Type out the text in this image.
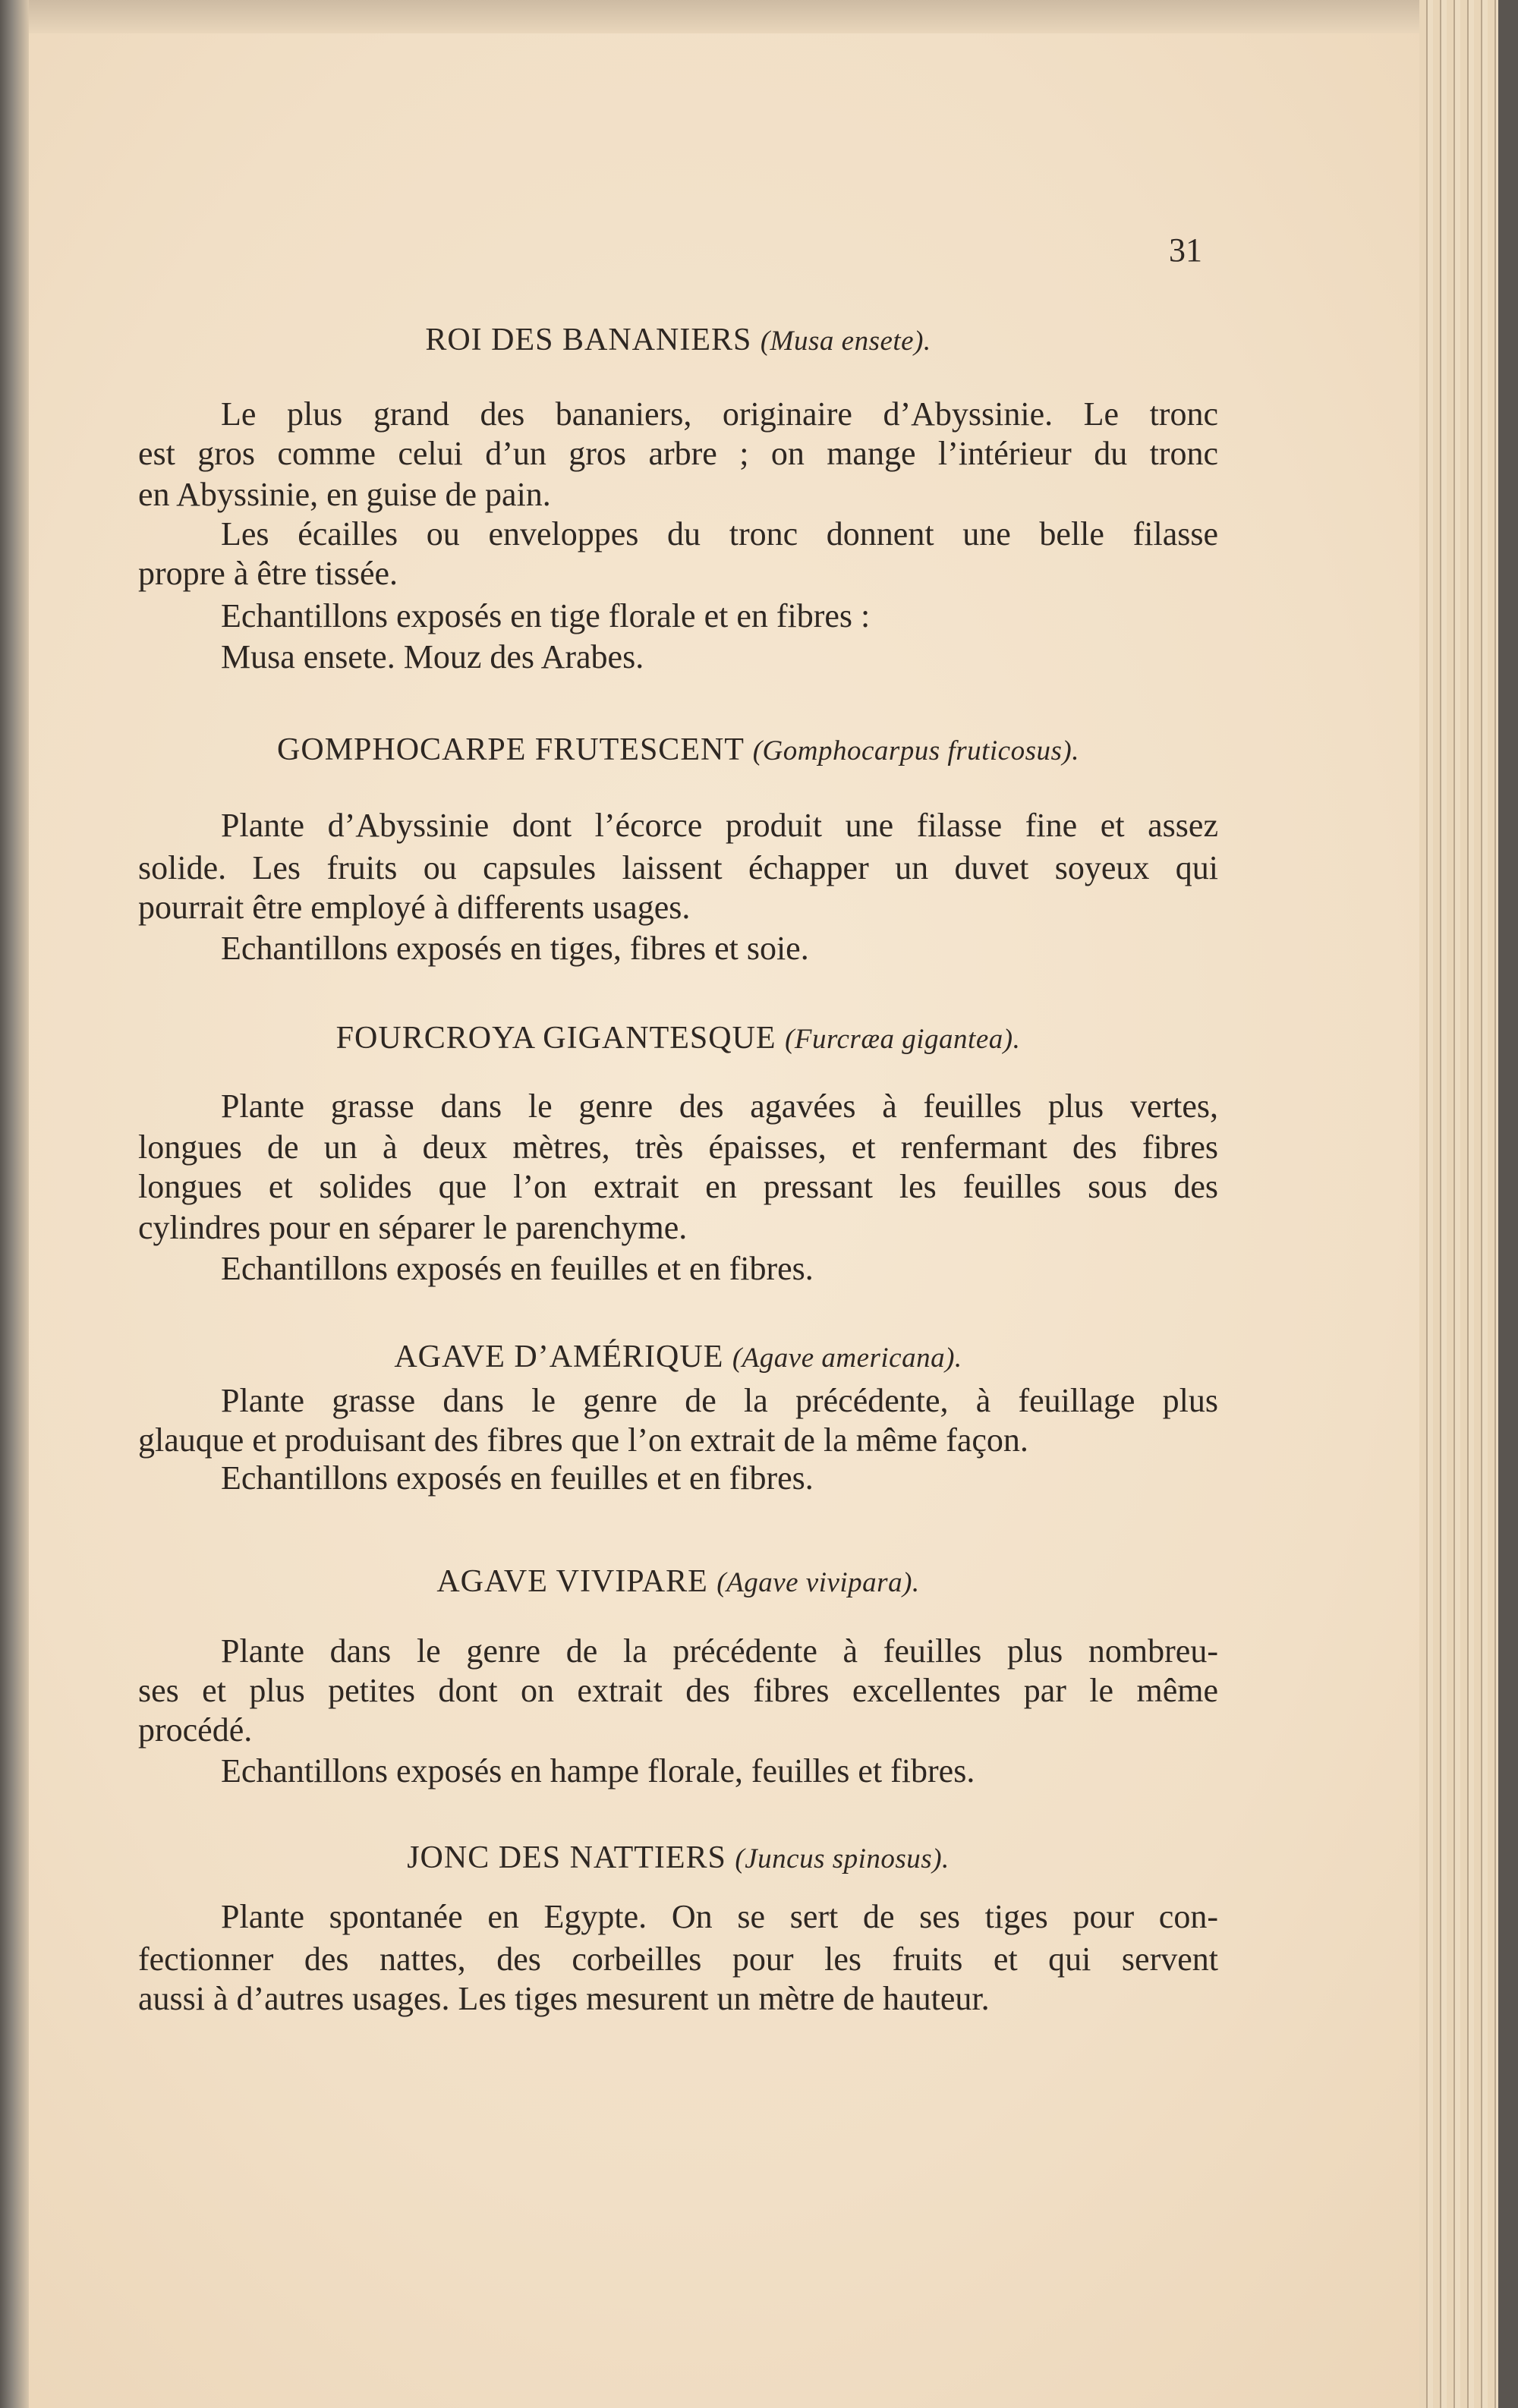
31
ROI DES BANANIERS (Musa ensete).
Le plus grand des bananiers, originaire d’Abyssinie. Le tronc
est gros comme celui d’un gros arbre ; on mange l’intérieur du tronc
en Abyssinie, en guise de pain.
Les écailles ou enveloppes du tronc donnent une belle filasse
propre à être tissée.
Echantillons exposés en tige florale et en fibres :
Musa ensete. Mouz des Arabes.
GOMPHOCARPE FRUTESCENT (Gomphocarpus fruticosus).
Plante d’Abyssinie dont l’écorce produit une filasse fine et assez
solide. Les fruits ou capsules laissent échapper un duvet soyeux qui
pourrait être employé à differents usages.
Echantillons exposés en tiges, fibres et soie.
FOURCROYA GIGANTESQUE (Furcræa gigantea).
Plante grasse dans le genre des agavées à feuilles plus vertes,
longues de un à deux mètres, très épaisses, et renfermant des fibres
longues et solides que l’on extrait en pressant les feuilles sous des
cylindres pour en séparer le parenchyme.
Echantillons exposés en feuilles et en fibres.
AGAVE D’AMÉRIQUE (Agave americana).
Plante grasse dans le genre de la précédente, à feuillage plus
glauque et produisant des fibres que l’on extrait de la même façon.
Echantillons exposés en feuilles et en fibres.
AGAVE VIVIPARE (Agave vivipara).
Plante dans le genre de la précédente à feuilles plus nombreu-
ses et plus petites dont on extrait des fibres excellentes par le même
procédé.
Echantillons exposés en hampe florale, feuilles et fibres.
JONC DES NATTIERS (Juncus spinosus).
Plante spontanée en Egypte. On se sert de ses tiges pour con-
fectionner des nattes, des corbeilles pour les fruits et qui servent
aussi à d’autres usages. Les tiges mesurent un mètre de hauteur.
